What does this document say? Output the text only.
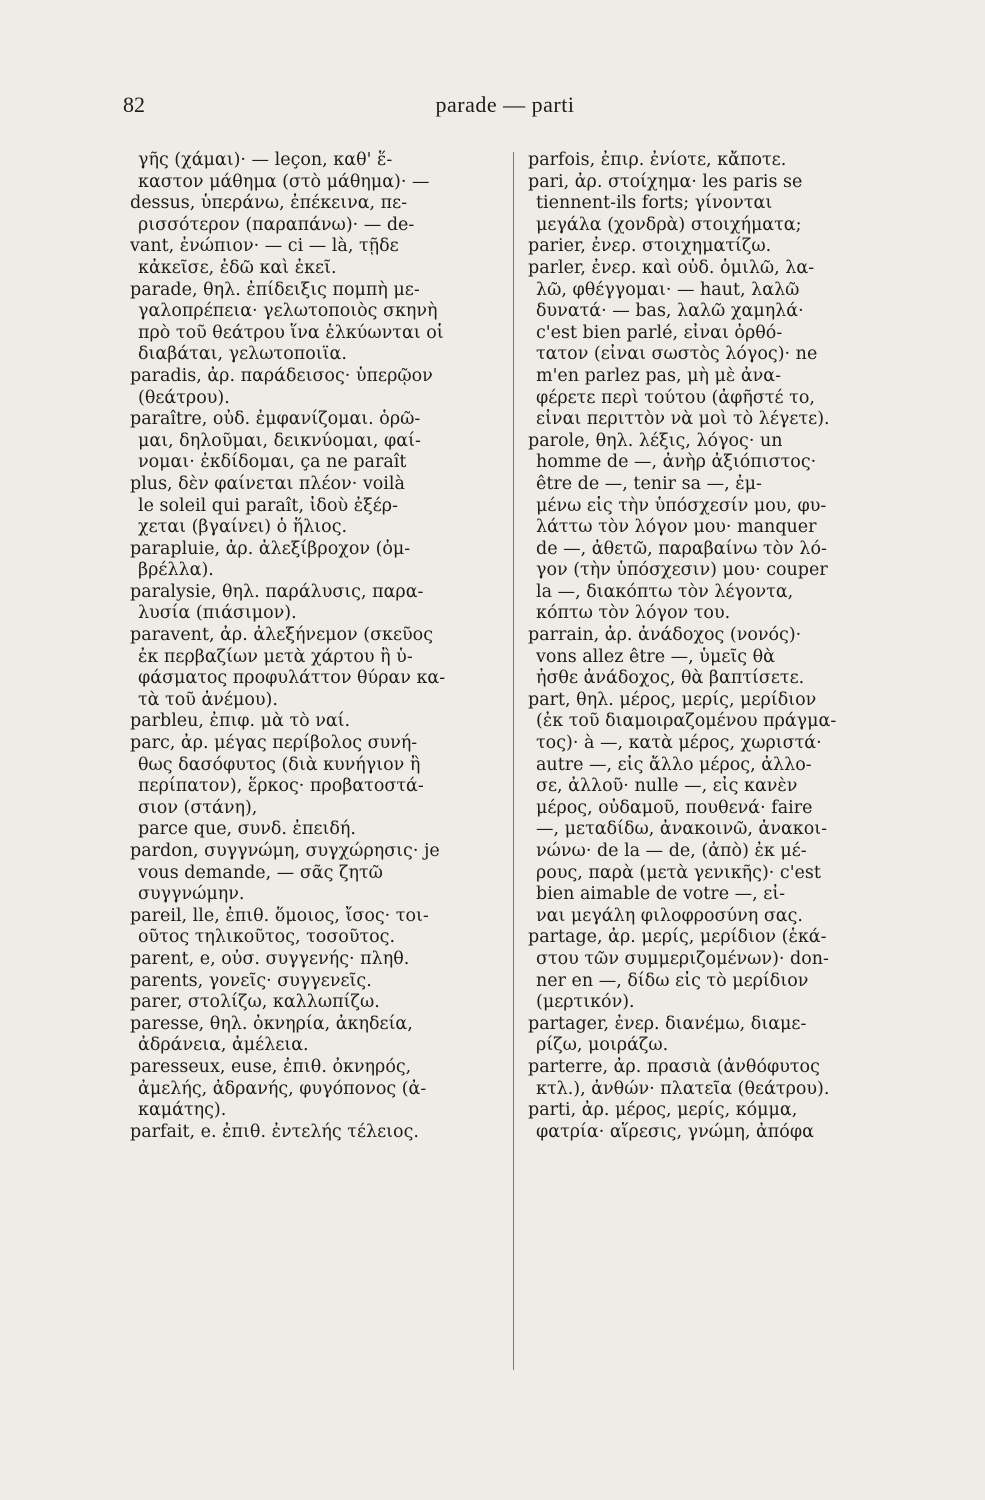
82	parade — parti
γῆς (χάμαι)· — leçon, καθ' ἕ-
καστον μάθημα (στὸ μάθημα)· —
dessus, ὑπεράνω, ἐπέκεινα, πε-
ρισσότερον (παραπάνω)· — de-
vant, ἐνώπιον· — ci — là, τῇδε
κἀκεῖσε, ἐδῶ καὶ ἐκεῖ.
parade, θηλ. ἐπίδειξις πομπὴ με-
γαλοπρέπεια· γελωτοποιὸς σκηνὴ
πρὸ τοῦ θεάτρου ἵνα ἑλκύωνται οἱ
διαβάται, γελωτοποιΐα.
paradis, ἀρ. παράδεισος· ὑπερῷον
(θεάτρου).
paraître, οὐδ. ἐμφανίζομαι. ὁρῶ-
μαι, δηλοῦμαι, δεικνύομαι, φαί-
νομαι· ἐκδίδομαι, ça ne paraît
plus, δὲν φαίνεται πλέον· voilà
le soleil qui paraît, ἰδοὺ ἐξέρ-
χεται (βγαίνει) ὁ ἥλιος.
parapluie, ἀρ. ἀλεξίβροχον (ὀμ-
βρέλλα).
paralysie, θηλ. παράλυσις, παρα-
λυσία (πιάσιμον).
paravent, ἀρ. ἀλεξήνεμον (σκεῦος
ἐκ περβαζίων μετὰ χάρτου ἢ ὑ-
φάσματος προφυλάττον θύραν κα-
τὰ τοῦ ἀνέμου).
parbleu, ἐπιφ. μὰ τὸ ναί.
parc, ἀρ. μέγας περίβολος συνή-
θως δασόφυτος (διὰ κυνήγιον ἢ
περίπατον), ἕρκος· προβατοστά-
σιον (στάνη),
parce que, συνδ. ἐπειδή.
pardon, συγγνώμη, συγχώρησις· je
vous demande, — σᾶς ζητῶ
συγγνώμην.
pareil, lle, ἐπιθ. ὅμοιος, ἴσος· τοι-
οῦτος τηλικοῦτος, τοσοῦτος.
parent, e, οὐσ. συγγενής· πληθ.
parents, γονεῖς· συγγενεῖς.
parer, στολίζω, καλλωπίζω.
paresse, θηλ. ὀκνηρία, ἀκηδεία,
ἀδράνεια, ἀμέλεια.
paresseux, euse, ἐπιθ. ὀκνηρός,
ἀμελής, ἀδρανής, φυγόπονος (ἀ-
καμάτης).
parfait, e. ἐπιθ. ἐντελής τέλειος.
parfois, ἐπιρ. ἐνίοτε, κἄποτε.
pari, ἀρ. στοίχημα· les paris se
tiennent-ils forts; γίνονται
μεγάλα (χονδρὰ) στοιχήματα;
parier, ἐνερ. στοιχηματίζω.
parler, ἐνερ. καὶ οὐδ. ὁμιλῶ, λα-
λῶ, φθέγγομαι· — haut, λαλῶ
δυνατά· — bas, λαλῶ χαμηλά·
c'est bien parlé, εἶναι ὀρθό-
τατον (εἶναι σωστὸς λόγος)· ne
m'en parlez pas, μὴ μὲ ἀνα-
φέρετε περὶ τούτου (ἀφῆστέ το,
εἶναι περιττὸν νὰ μοὶ τὸ λέγετε).
parole, θηλ. λέξις, λόγος· un
homme de —, ἀνὴρ ἀξιόπιστος·
être de —, tenir sa —, ἐμ-
μένω εἰς τὴν ὑπόσχεσίν μου, φυ-
λάττω τὸν λόγον μου· manquer
de —, ἀθετῶ, παραβαίνω τὸν λό-
γον (τὴν ὑπόσχεσιν) μου· couper
la —, διακόπτω τὸν λέγοντα,
κόπτω τὸν λόγον του.
parrain, ἀρ. ἀνάδοχος (νονός)·
vons allez être —, ὑμεῖς θὰ
ἦσθε ἀνάδοχος, θὰ βαπτίσετε.
part, θηλ. μέρος, μερίς, μερίδιον
(ἐκ τοῦ διαμοιραζομένου πράγμα-
τος)· à —, κατὰ μέρος, χωριστά·
autre —, εἰς ἄλλο μέρος, ἀλλο-
σε, ἀλλοῦ· nulle —, εἰς κανὲν
μέρος, οὐδαμοῦ, πουθενά· faire
—, μεταδίδω, ἀνακοινῶ, ἀνακοι-
νώνω· de la — de, (ἀπὸ) ἐκ μέ-
ρους, παρὰ (μετὰ γενικῆς)· c'est
bien aimable de votre —, εἶ-
ναι μεγάλη φιλοφροσύνη σας.
partage, ἀρ. μερίς, μερίδιον (ἑκά-
στου τῶν συμμεριζομένων)· don-
ner en —, δίδω εἰς τὸ μερίδιον
(μερτικόν).
partager, ἐνερ. διανέμω, διαμε-
ρίζω, μοιράζω.
parterre, ἀρ. πρασιὰ (ἀνθόφυτος
κτλ.), ἀνθών· πλατεῖα (θεάτρου).
parti, ἀρ. μέρος, μερίς, κόμμα,
φατρία· αἵρεσις, γνώμη, ἀπόφα
